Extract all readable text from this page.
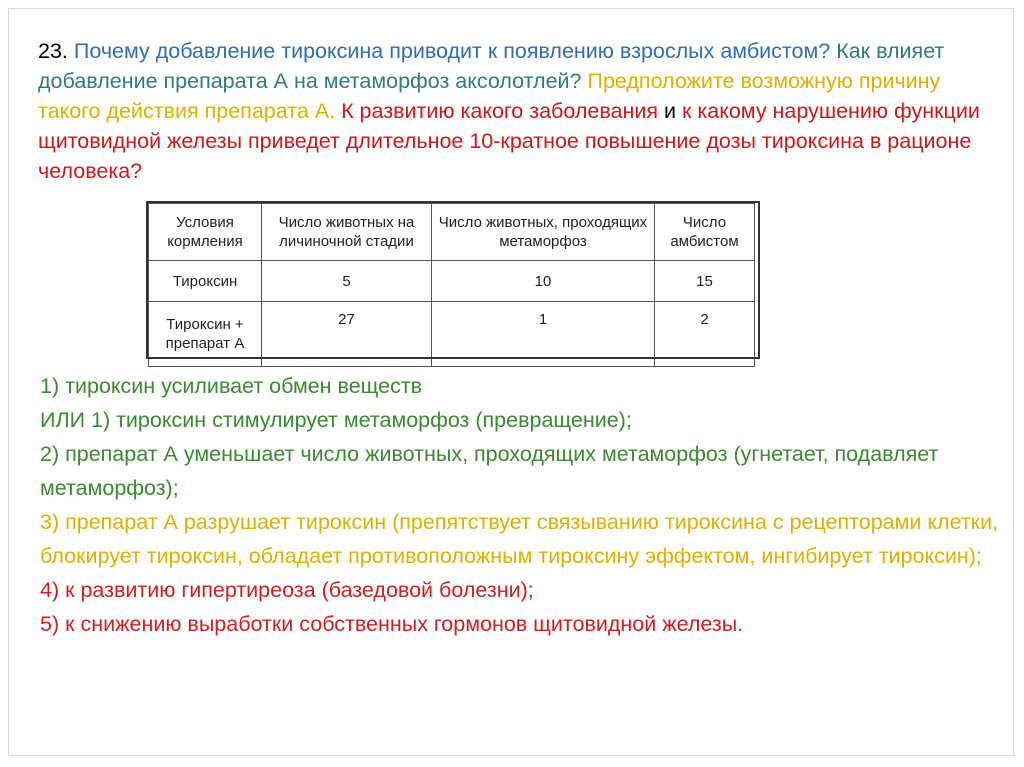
23. Почему добавление тироксина приводит к появлению взрослых амбистом? Как влияет добавление препарата А на метаморфоз аксолотлей? Предположите возможную причину такого действия препарата А. К развитию какого заболевания и к какому нарушению функции щитовидной железы приведет длительное 10-кратное повышение дозы тироксина в рационе человека?

Условия кормления	Число животных на личиночной стадии	Число животных, проходящих метаморфоз	Число амбистом
Тироксин	5	10	15
Тироксин + препарат А	27	1	2

1) тироксин усиливает обмен веществ

ИЛИ 1) тироксин стимулирует метаморфоз (превращение);

2) препарат А уменьшает число животных, проходящих метаморфоз (угнетает, подавляет метаморфоз);

3) препарат А разрушает тироксин (препятствует связыванию тироксина с рецепторами клетки, блокирует тироксин, обладает противоположным тироксину эффектом, ингибирует тироксин);

4) к развитию гипертиреоза (базедовой болезни);

5) к снижению выработки собственных гормонов щитовидной железы.
